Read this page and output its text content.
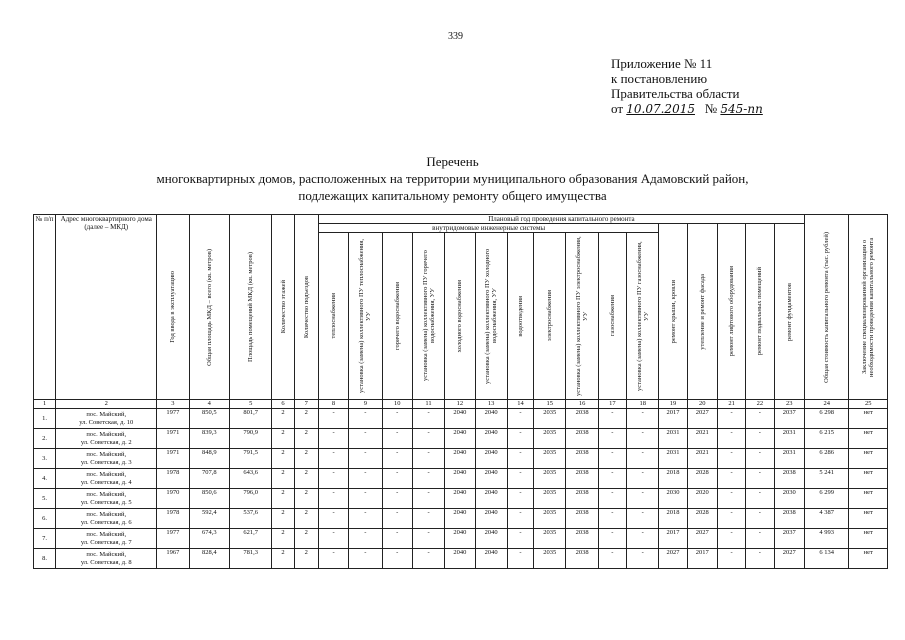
339
Приложение № 11
к постановлению
Правительства области
от 10.07.2015 № 545-пп
Перечень
многоквартирных домов, расположенных на территории муниципального образования Адамовский район,
подлежащих капитальному ремонту общего имущества
№ п/п	Адрес многоквартирного дома (далее – МКД)	Год ввода в эксплуатацию	Общая площадь МКД – всего (кв. метров)	Площадь помещений МКД (кв. метров)	Количество этажей	Количество подъездов	Плановый год проведения капитального ремонта																Общая стоимость капитального ремонта (тыс. рублей)	Заключение специализированной организации о необходимости проведения капитального ремонта

							внутридомовые инженерные системы											ремонт крыши, кровли	утепление и ремонт фасада	ремонт лифтового оборудования	ремонт подвальных помещений	ремонт фундаментов		

							теплоснабжения	установка (замена) коллективного ПУ теплоснабжения, УУ	горячего водоснабжения	установка (замена) коллективного ПУ горячего водоснабжения, УУ	холодного водоснабжения	установка (замена) коллективного ПУ холодного водоснабжения, УУ	водоотведения	электроснабжения	установка (замена) коллективного ПУ электроснабжения, УУ	газоснабжения	установка (замена) коллективного ПУ газоснабжения, УУ							

1	2	3	4	5	6	7	8	9	10	11	12	13	14	15	16	17	18	19	20	21	22	23	24	25
1.	пос. Майский,
ул. Советская, д. 10	1977	850,5	801,7	2	2	-	-	-	-	2040	2040	-	2035	2038	-	-	2017	2027	-	-	2037	6 298	нет
2.	пос. Майский,
ул. Советская, д. 2	1971	839,3	790,9	2	2	-	-	-	-	2040	2040	-	2035	2038	-	-	2031	2021	-	-	2031	6 215	нет
3.	пос. Майский,
ул. Советская, д. 3	1971	848,9	791,5	2	2	-	-	-	-	2040	2040	-	2035	2038	-	-	2031	2021	-	-	2031	6 286	нет
4.	пос. Майский,
ул. Советская, д. 4	1978	707,8	643,6	2	2	-	-	-	-	2040	2040	-	2035	2038	-	-	2018	2028	-	-	2038	5 241	нет
5.	пос. Майский,
ул. Советская, д. 5	1970	850,6	796,0	2	2	-	-	-	-	2040	2040	-	2035	2038	-	-	2030	2020	-	-	2030	6 299	нет
6.	пос. Майский,
ул. Советская, д. 6	1978	592,4	537,6	2	2	-	-	-	-	2040	2040	-	2035	2038	-	-	2018	2028	-	-	2038	4 387	нет
7.	пос. Майский,
ул. Советская, д. 7	1977	674,3	621,7	2	2	-	-	-	-	2040	2040	-	2035	2038	-	-	2017	2027	-	-	2037	4 993	нет
8.	пос. Майский,
ул. Советская, д. 8	1967	828,4	781,3	2	2	-	-	-	-	2040	2040	-	2035	2038	-	-	2027	2017	-	-	2027	6 134	нет
